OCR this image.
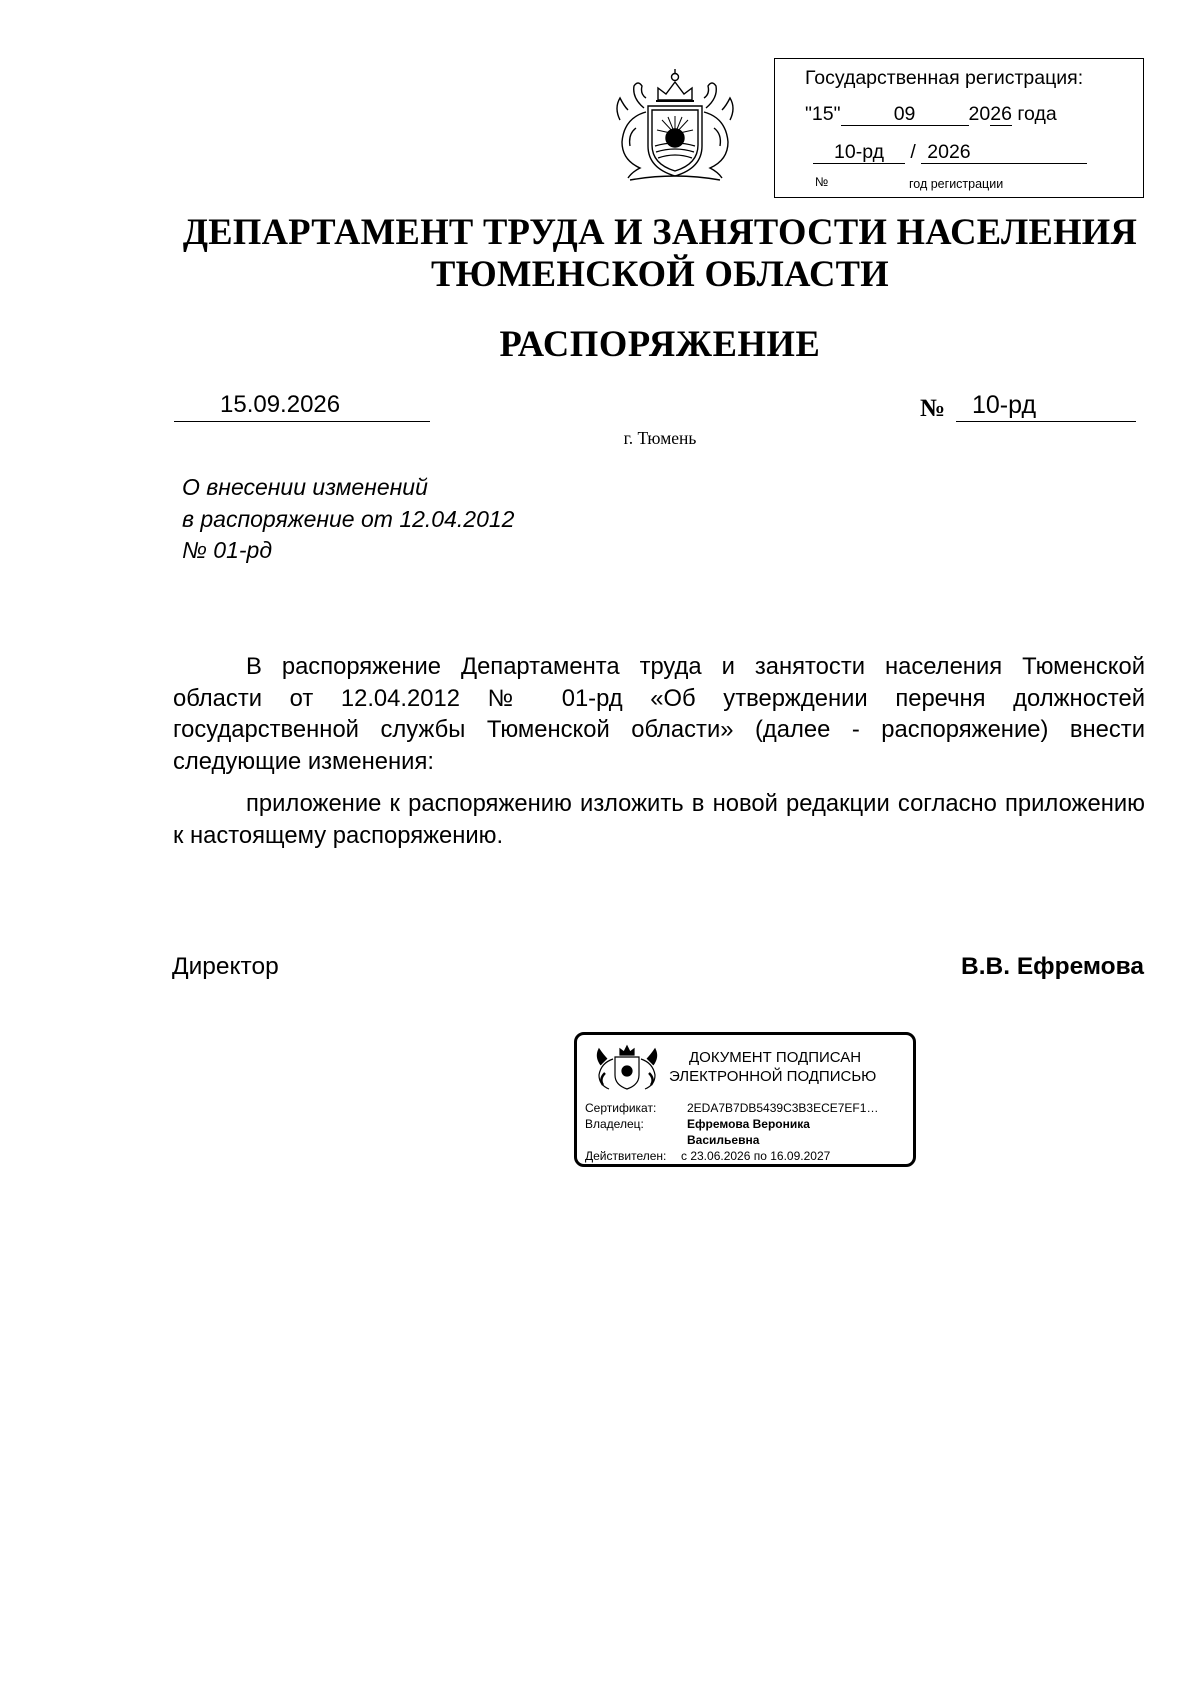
Государственная регистрация:
"15"	09	2026 года
10-рд / 2026
№	год регистрации
ДЕПАРТАМЕНТ ТРУДА И ЗАНЯТОСТИ НАСЕЛЕНИЯ
ТЮМЕНСКОЙ ОБЛАСТИ
РАСПОРЯЖЕНИЕ
15.09.2026	№ 10-рд
г. Тюмень
О внесении изменений
в распоряжение от 12.04.2012
№ 01-рд

В распоряжение Департамента труда и занятости населения Тюменской области от 12.04.2012 № 01-рд «Об утверждении перечня должностей государственной службы Тюменской области» (далее - распоряжение) внести следующие изменения:

приложение к распоряжению изложить в новой редакции согласно приложению к настоящему распоряжению.

Директор	В.В. Ефремова
ДОКУМЕНТ ПОДПИСАН
ЭЛЕКТРОННОЙ ПОДПИСЬЮ
Сертификат:	2EDA7B7DB5439C3B3ECE7EF1…
Владелец:	Ефремова Вероника
Васильевна
Действителен: с 23.06.2026 по 16.09.2027
